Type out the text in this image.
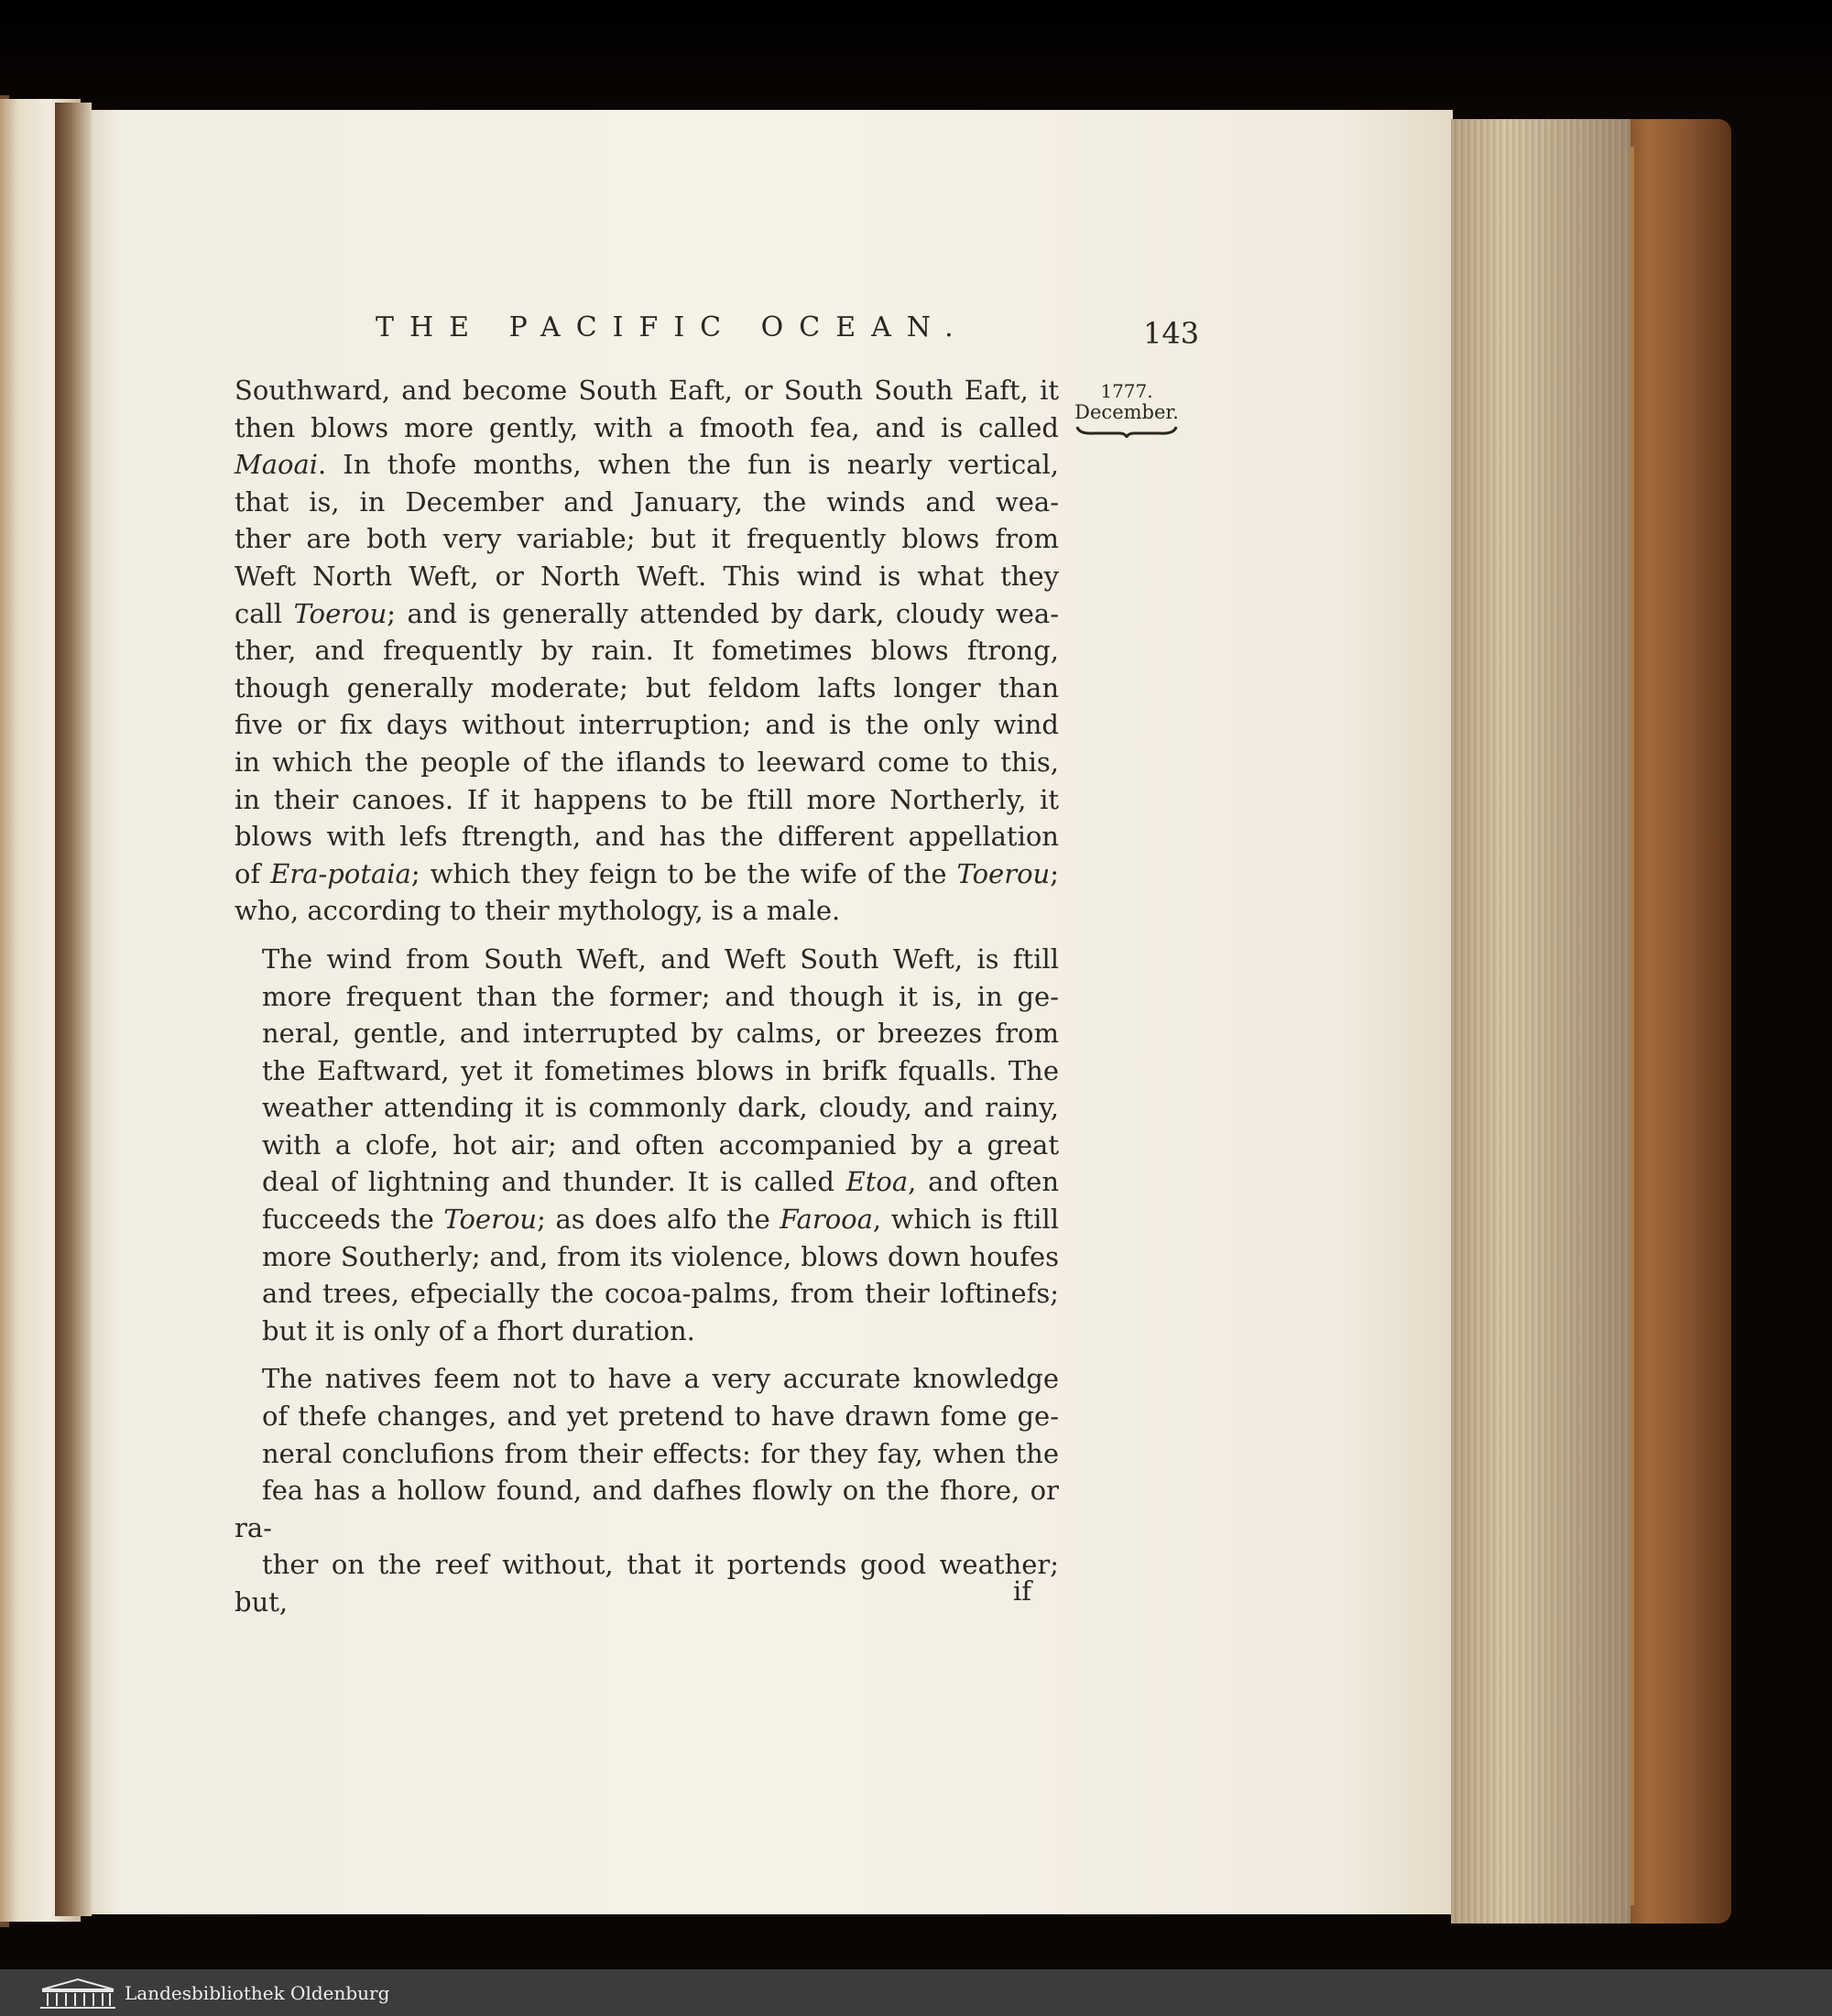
THE PACIFIC OCEAN.	143
1777.
December.

Southward, and become South Eaft, or South South Eaft, it
then blows more gently, with a fmooth fea, and is called
Maoai. In thofe months, when the fun is nearly vertical,
that is, in December and January, the winds and wea-
ther are both very variable; but it frequently blows from
Weft North Weft, or North Weft. This wind is what they
call Toerou; and is generally attended by dark, cloudy wea-
ther, and frequently by rain. It fometimes blows ftrong,
though generally moderate; but feldom lafts longer than
five or fix days without interruption; and is the only wind
in which the people of the iflands to leeward come to this,
in their canoes. If it happens to be ftill more Northerly, it
blows with lefs ftrength, and has the different appellation
of Era-potaia; which they feign to be the wife of the Toerou;
who, according to their mythology, is a male.

The wind from South Weft, and Weft South Weft, is ftill
more frequent than the former; and though it is, in ge-
neral, gentle, and interrupted by calms, or breezes from
the Eaftward, yet it fometimes blows in brifk fqualls. The
weather attending it is commonly dark, cloudy, and rainy,
with a clofe, hot air; and often accompanied by a great
deal of lightning and thunder. It is called Etoa, and often
fucceeds the Toerou; as does alfo the Farooa, which is ftill
more Southerly; and, from its violence, blows down houfes
and trees, efpecially the cocoa-palms, from their loftinefs;
but it is only of a fhort duration.

The natives feem not to have a very accurate knowledge
of thefe changes, and yet pretend to have drawn fome ge-
neral conclufions from their effects: for they fay, when the
fea has a hollow found, and dafhes flowly on the fhore, or ra-
ther on the reef without, that it portends good weather; but,	if
Landesbibliothek Oldenburg
